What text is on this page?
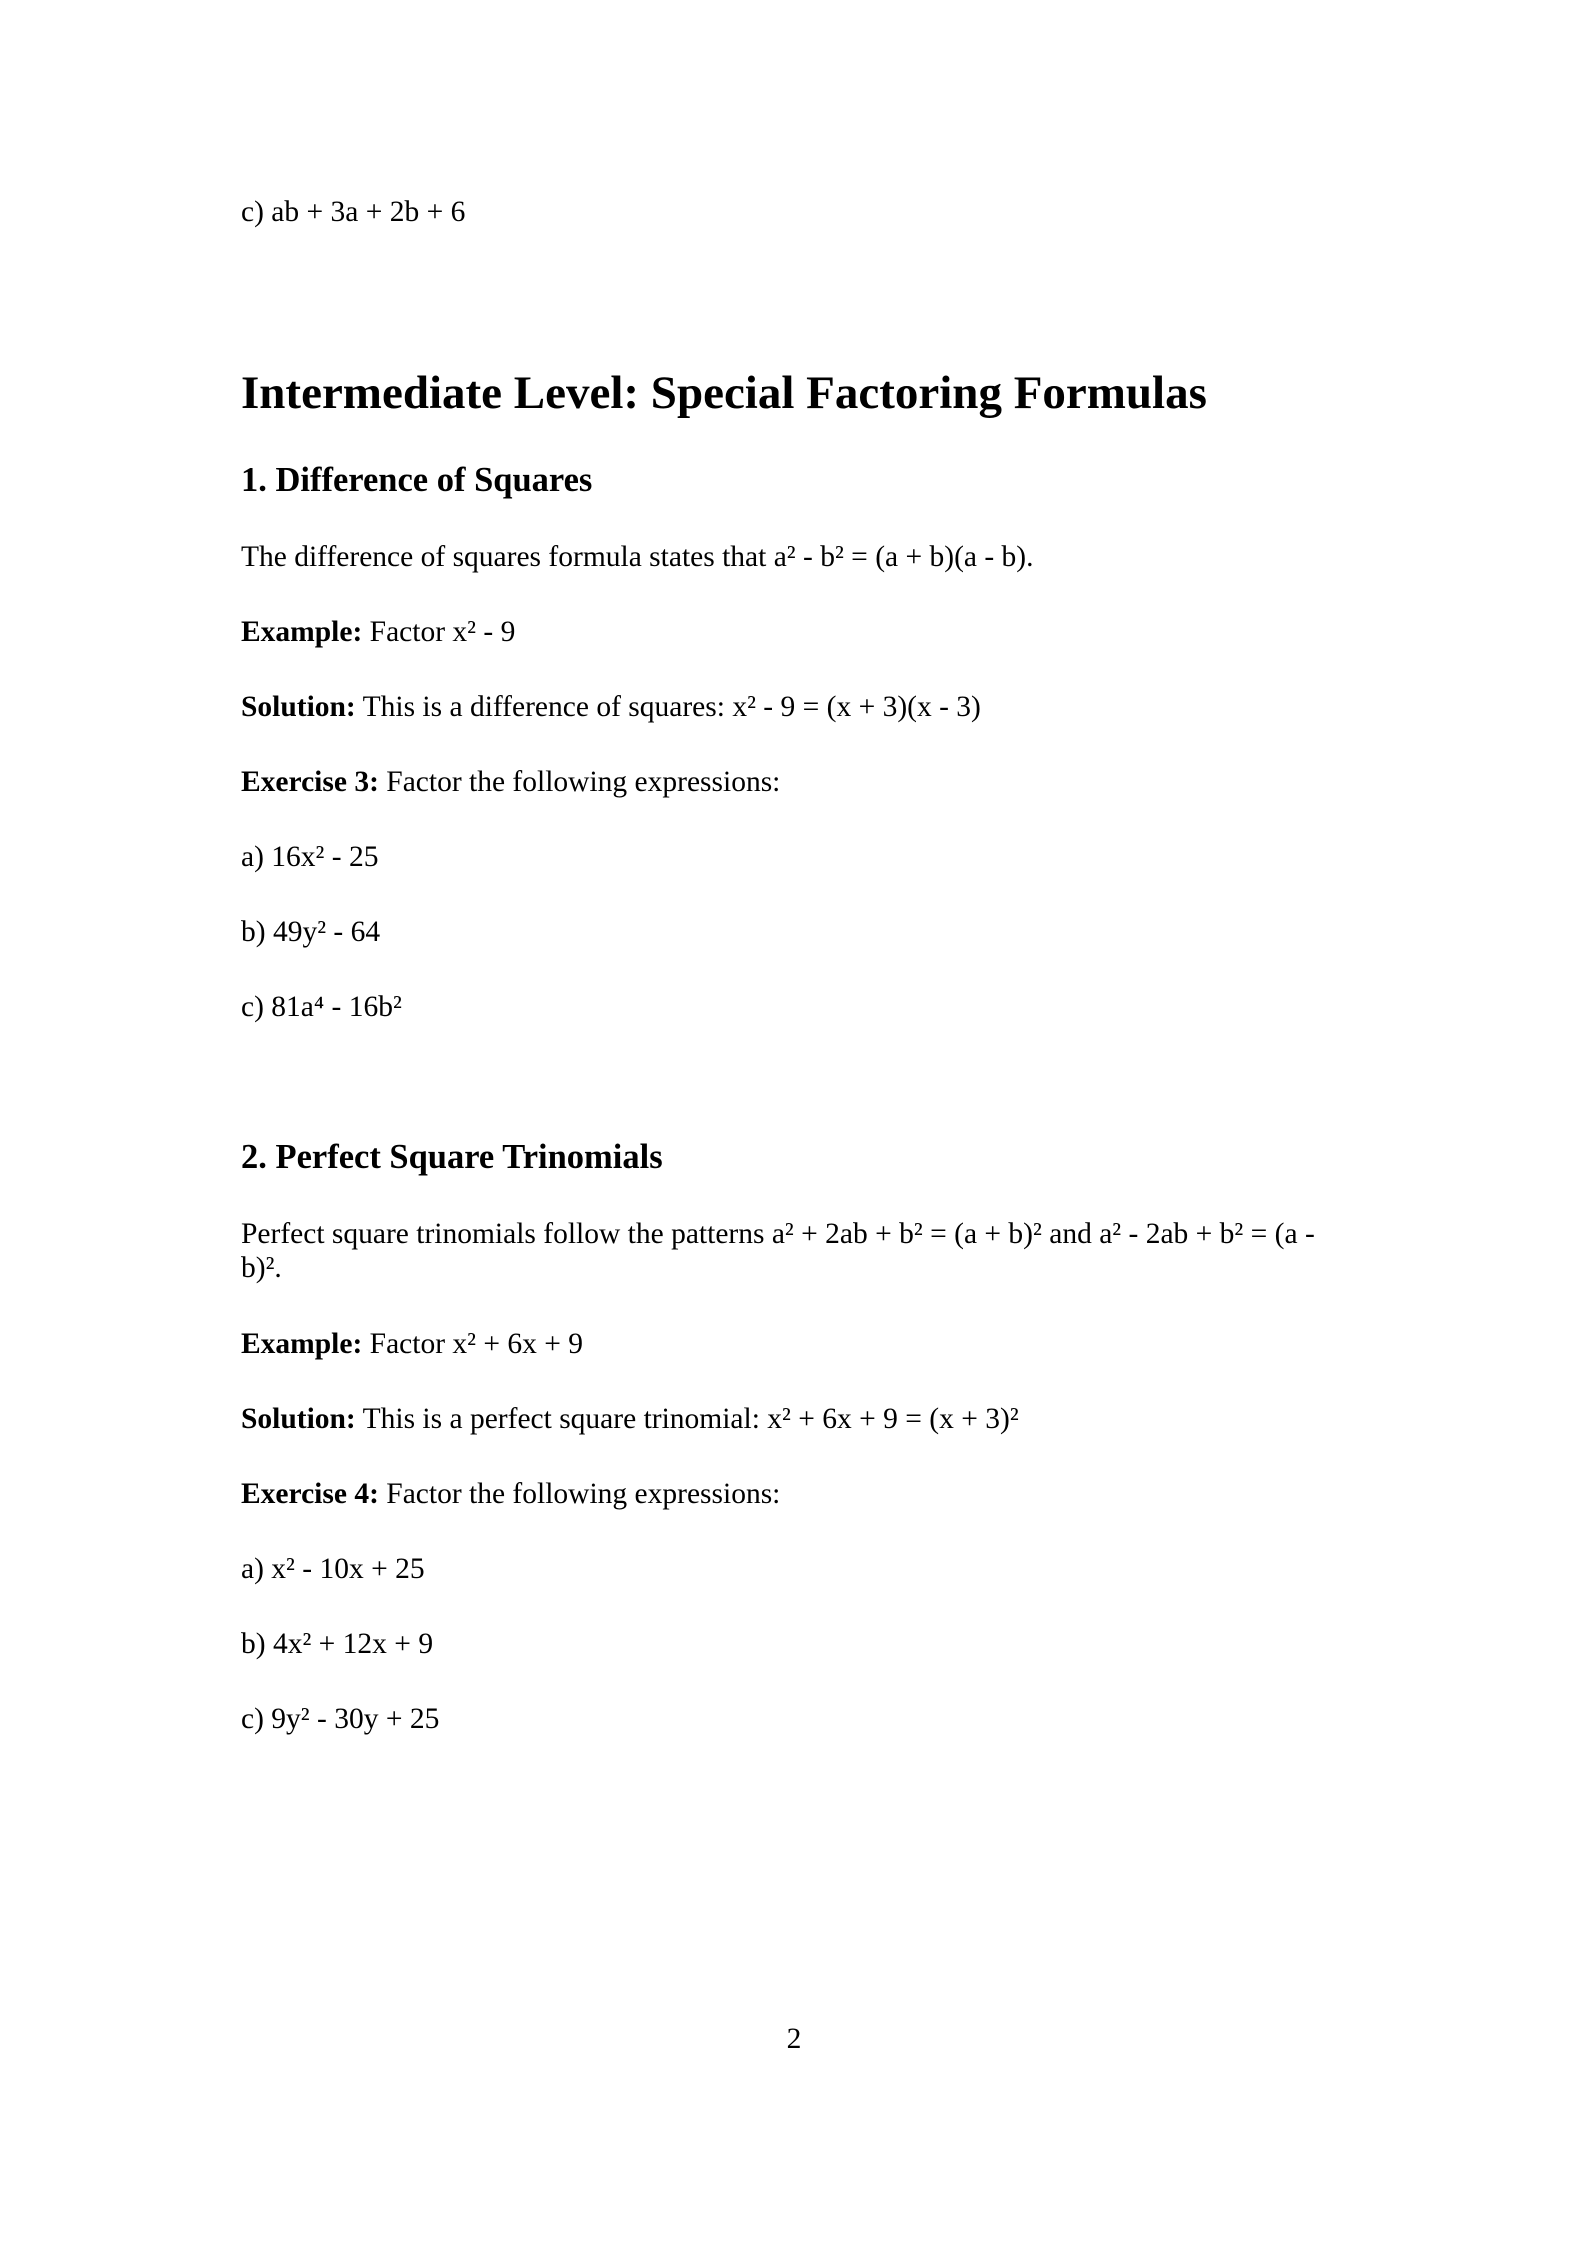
c) ab + 3a + 2b + 6

Intermediate Level: Special Factoring Formulas
1. Difference of Squares

The difference of squares formula states that a² - b² = (a + b)(a - b).

Example: Factor x² - 9

Solution: This is a difference of squares: x² - 9 = (x + 3)(x - 3)

Exercise 3: Factor the following expressions:

a) 16x² - 25

b) 49y² - 64

c) 81a⁴ - 16b²

2. Perfect Square Trinomials

Perfect square trinomials follow the patterns a² + 2ab + b² = (a + b)² and a² - 2ab + b² = (a - b)².

Example: Factor x² + 6x + 9

Solution: This is a perfect square trinomial: x² + 6x + 9 = (x + 3)²

Exercise 4: Factor the following expressions:

a) x² - 10x + 25

b) 4x² + 12x + 9

c) 9y² - 30y + 25

2
